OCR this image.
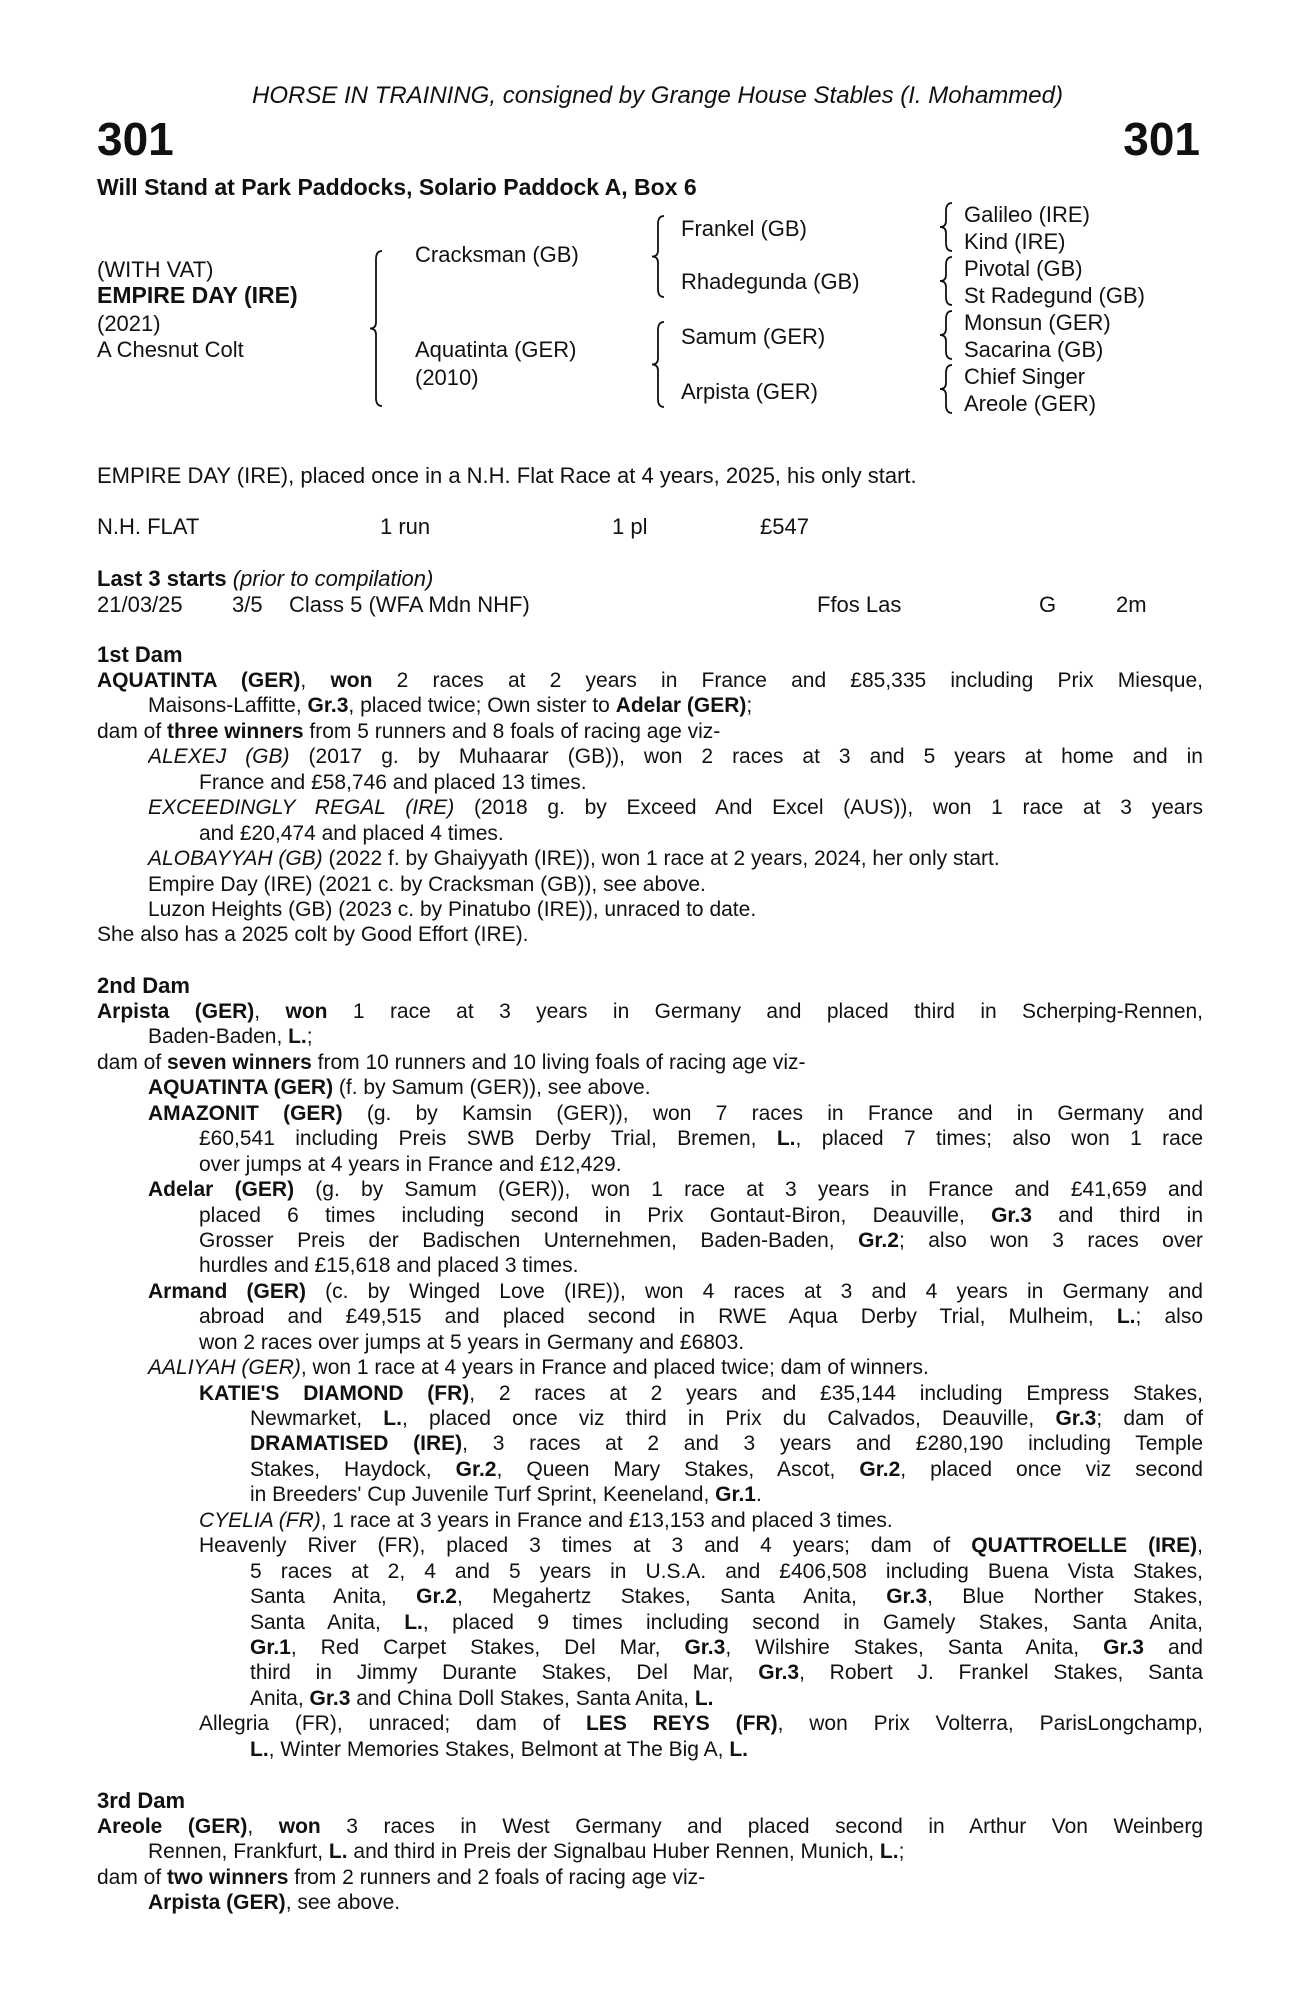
HORSE IN TRAINING, consigned by Grange House Stables (I. Mohammed)
301	301
Will Stand at Park Paddocks, Solario Paddock A, Box 6
(WITH VAT)
EMPIRE DAY (IRE)
(2021)
A Chesnut Colt
Cracksman (GB)
Aquatinta (GER)
(2010)
Frankel (GB)
Rhadegunda (GB)
Samum (GER)
Arpista (GER)
Galileo (IRE)
Kind (IRE)
Pivotal (GB)
St Radegund (GB)
Monsun (GER)
Sacarina (GB)
Chief Singer
Areole (GER)
EMPIRE DAY (IRE), placed once in a N.H. Flat Race at 4 years, 2025, his only start.
N.H. FLAT	1 run	1 pl	£547
Last 3 starts (prior to compilation)
21/03/25 3/5 Class 5 (WFA Mdn NHF)	Ffos Las	G	2m
1st Dam
AQUATINTA (GER), won 2 races at 2 years in France and £85,335 including Prix Miesque,
Maisons-Laffitte, Gr.3, placed twice; Own sister to Adelar (GER);
dam of three winners from 5 runners and 8 foals of racing age viz-
ALEXEJ (GB) (2017 g. by Muhaarar (GB)), won 2 races at 3 and 5 years at home and in
France and £58,746 and placed 13 times.
EXCEEDINGLY REGAL (IRE) (2018 g. by Exceed And Excel (AUS)), won 1 race at 3 years
and £20,474 and placed 4 times.
ALOBAYYAH (GB) (2022 f. by Ghaiyyath (IRE)), won 1 race at 2 years, 2024, her only start.
Empire Day (IRE) (2021 c. by Cracksman (GB)), see above.
Luzon Heights (GB) (2023 c. by Pinatubo (IRE)), unraced to date.
She also has a 2025 colt by Good Effort (IRE).
2nd Dam
Arpista (GER), won 1 race at 3 years in Germany and placed third in Scherping-Rennen,
Baden-Baden, L.;
dam of seven winners from 10 runners and 10 living foals of racing age viz-
AQUATINTA (GER) (f. by Samum (GER)), see above.
AMAZONIT (GER) (g. by Kamsin (GER)), won 7 races in France and in Germany and
£60,541 including Preis SWB Derby Trial, Bremen, L., placed 7 times; also won 1 race
over jumps at 4 years in France and £12,429.
Adelar (GER) (g. by Samum (GER)), won 1 race at 3 years in France and £41,659 and
placed 6 times including second in Prix Gontaut-Biron, Deauville, Gr.3 and third in
Grosser Preis der Badischen Unternehmen, Baden-Baden, Gr.2; also won 3 races over
hurdles and £15,618 and placed 3 times.
Armand (GER) (c. by Winged Love (IRE)), won 4 races at 3 and 4 years in Germany and
abroad and £49,515 and placed second in RWE Aqua Derby Trial, Mulheim, L.; also
won 2 races over jumps at 5 years in Germany and £6803.
AALIYAH (GER), won 1 race at 4 years in France and placed twice; dam of winners.
KATIE'S DIAMOND (FR), 2 races at 2 years and £35,144 including Empress Stakes,
Newmarket, L., placed once viz third in Prix du Calvados, Deauville, Gr.3; dam of
DRAMATISED (IRE), 3 races at 2 and 3 years and £280,190 including Temple
Stakes, Haydock, Gr.2, Queen Mary Stakes, Ascot, Gr.2, placed once viz second
in Breeders' Cup Juvenile Turf Sprint, Keeneland, Gr.1.
CYELIA (FR), 1 race at 3 years in France and £13,153 and placed 3 times.
Heavenly River (FR), placed 3 times at 3 and 4 years; dam of QUATTROELLE (IRE),
5 races at 2, 4 and 5 years in U.S.A. and £406,508 including Buena Vista Stakes,
Santa Anita, Gr.2, Megahertz Stakes, Santa Anita, Gr.3, Blue Norther Stakes,
Santa Anita, L., placed 9 times including second in Gamely Stakes, Santa Anita,
Gr.1, Red Carpet Stakes, Del Mar, Gr.3, Wilshire Stakes, Santa Anita, Gr.3 and
third in Jimmy Durante Stakes, Del Mar, Gr.3, Robert J. Frankel Stakes, Santa
Anita, Gr.3 and China Doll Stakes, Santa Anita, L.
Allegria (FR), unraced; dam of LES REYS (FR), won Prix Volterra, ParisLongchamp,
L., Winter Memories Stakes, Belmont at The Big A, L.
3rd Dam
Areole (GER), won 3 races in West Germany and placed second in Arthur Von Weinberg
Rennen, Frankfurt, L. and third in Preis der Signalbau Huber Rennen, Munich, L.;
dam of two winners from 2 runners and 2 foals of racing age viz-
Arpista (GER), see above.
